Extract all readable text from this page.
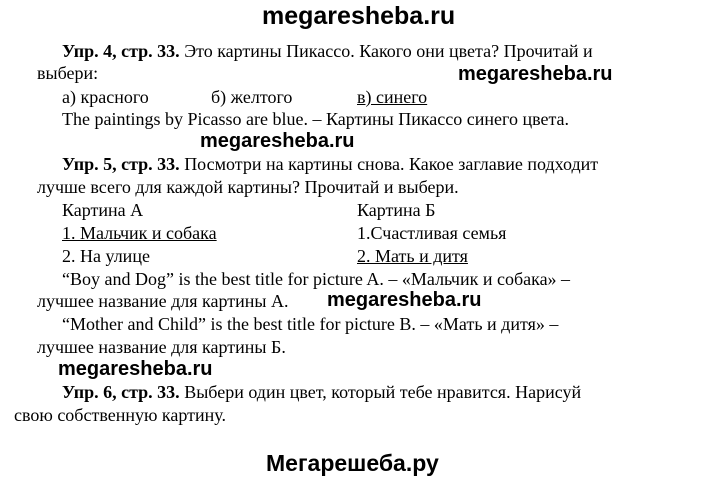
megaresheba.ru
megaresheba.ru
megaresheba.ru
megaresheba.ru
megaresheba.ru
Мегарешеба.ру
Упр. 4, стр. 33. Это картины Пикассо. Какого они цвета? Прочитай и
выбери:
а) красного	б) желтого	в) синего
The paintings by Picasso are blue. – Картины Пикассо синего цвета.
Упр. 5, стр. 33. Посмотри на картины снова. Какое заглавие подходит
лучше всего для каждой картины? Прочитай и выбери.
Картина А	Картина Б
1. Мальчик и собака	1.Счастливая семья
2. На улице	2. Мать и дитя
“Boy and Dog” is the best title for picture A. – «Мальчик и собака» –
лучшее название для картины А.
“Mother and Child” is the best title for picture B. – «Мать и дитя» –
лучшее название для картины Б.
Упр. 6, стр. 33. Выбери один цвет, который тебе нравится. Нарисуй
свою собственную картину.
